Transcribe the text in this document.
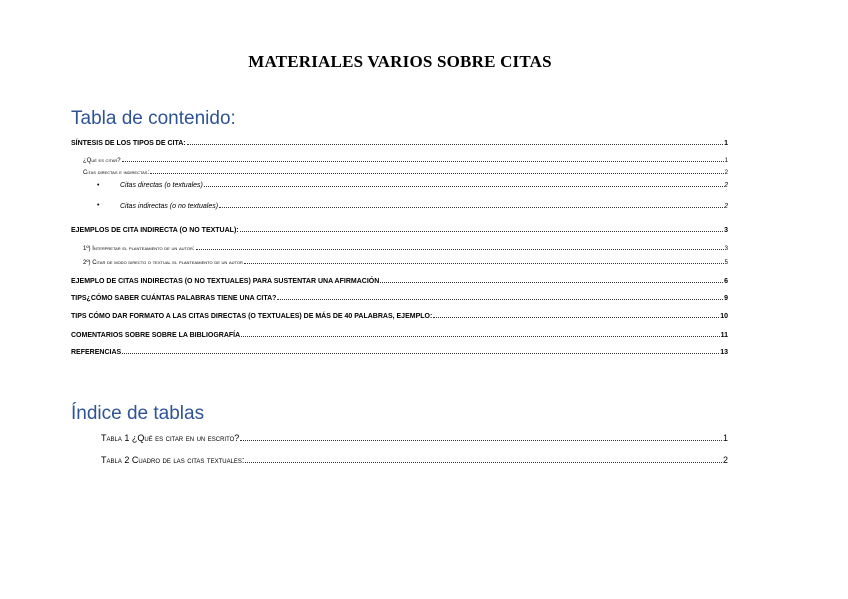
MATERIALES VARIOS SOBRE CITAS
Tabla de contenido:
SÍNTESIS DE LOS TIPOS DE CITA:	1
¿Qué es citar?	1
Citas directas e indirectas:	2
•	Citas directas (o textuales)	2
•	Citas indirectas (o no textuales)	2
EJEMPLOS DE CITA INDIRECTA (O NO TEXTUAL):	3
1º) Interpretar el planteamiento de un autor:	3
2º) Citar de modo directo o textual el planteamiento de un autor	5
EJEMPLO DE CITAS INDIRECTAS (O NO TEXTUALES) PARA SUSTENTAR UNA AFIRMACIÓN	6
TIPS¿CÓMO SABER CUÁNTAS PALABRAS TIENE UNA CITA?	9
TIPS CÓMO DAR FORMATO A LAS CITAS DIRECTAS (O TEXTUALES) DE MÁS DE 40 PALABRAS, EJEMPLO:	10
COMENTARIOS SOBRE SOBRE LA BIBLIOGRAFÍA	11
REFERENCIAS	13
Índice de tablas
Tabla 1 ¿Qué es citar en un escrito?	1
Tabla 2 Cuadro de las citas textuales:	2
